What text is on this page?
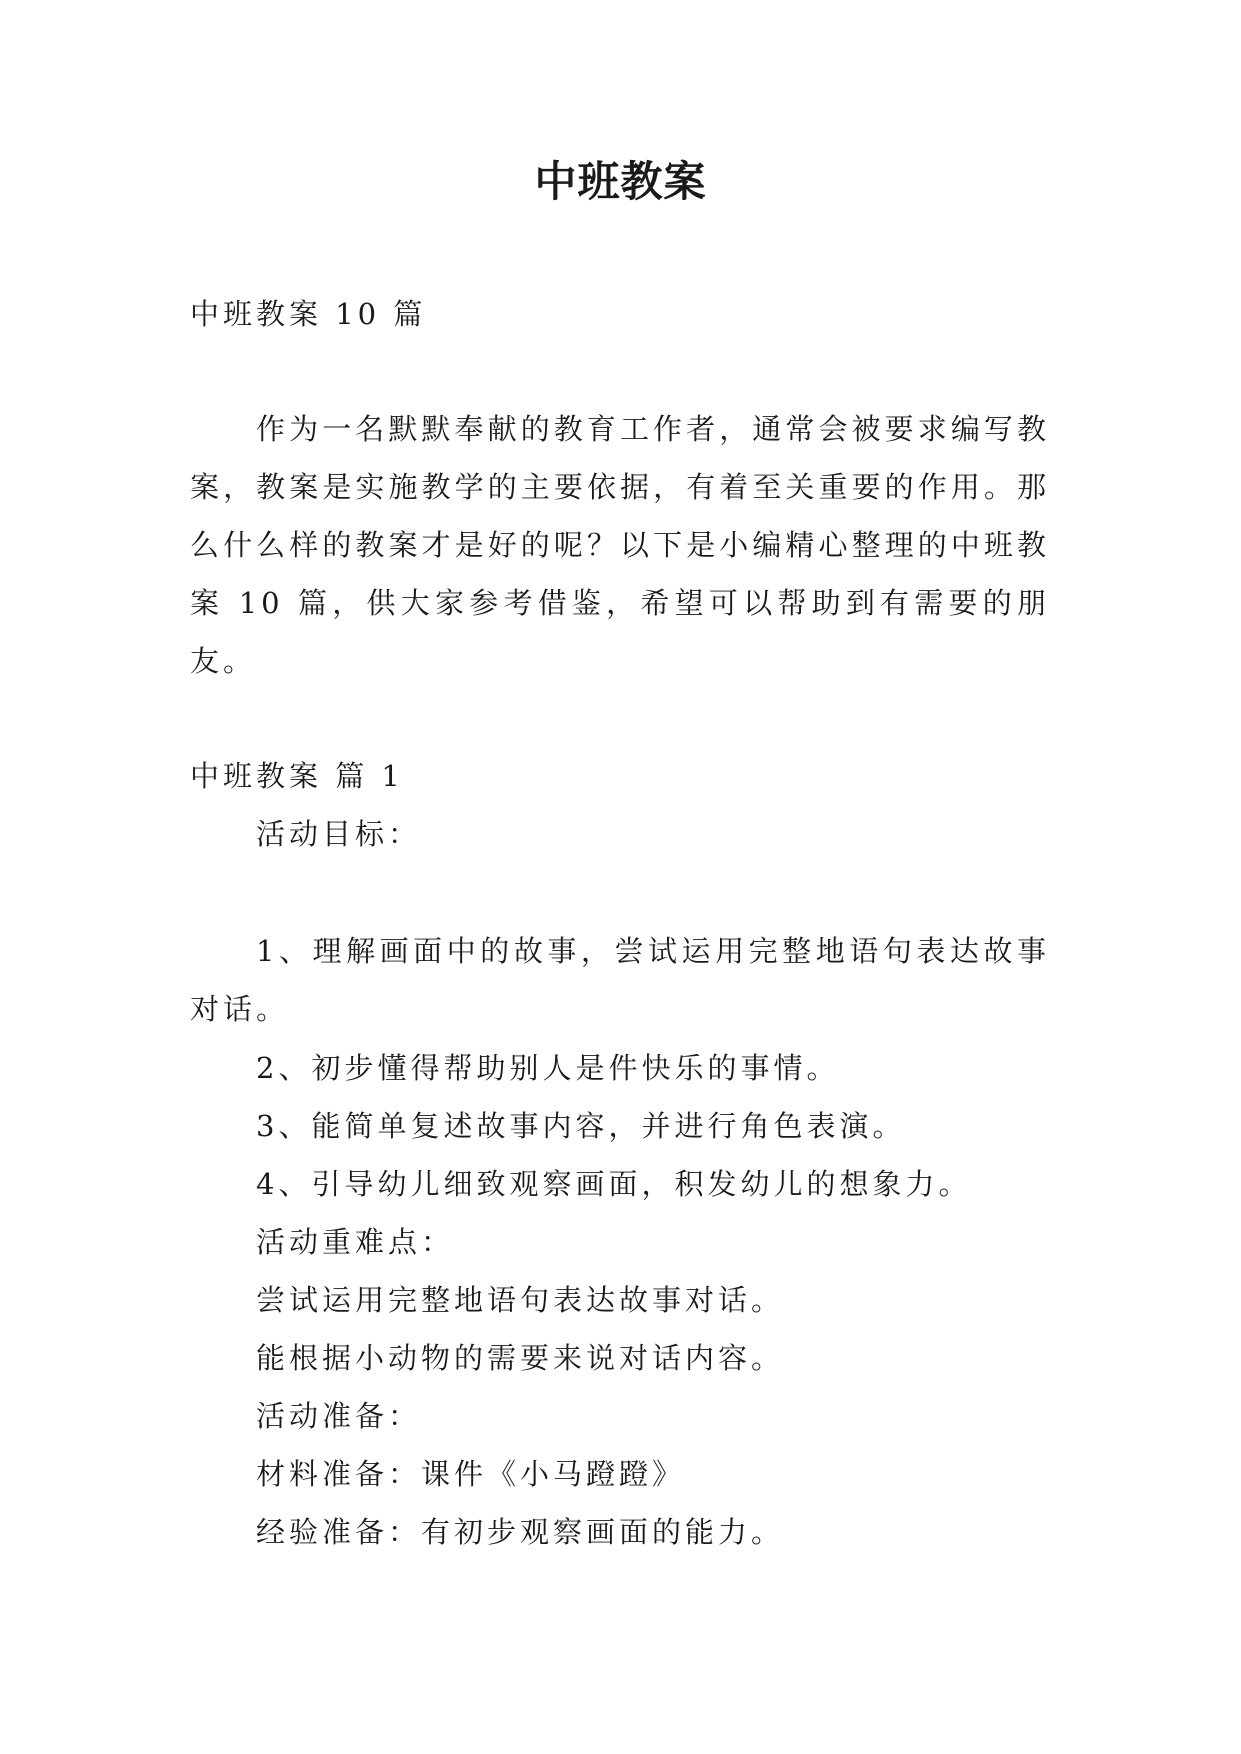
中班教案
中班教案 10 篇
作为一名默默奉献的教育工作者，通常会被要求编写教案，教案是实施教学的主要依据，有着至关重要的作用。那么什么样的教案才是好的呢？以下是小编精心整理的中班教案 10 篇，供大家参考借鉴，希望可以帮助到有需要的朋友。
中班教案 篇 1
活动目标：
1、理解画面中的故事，尝试运用完整地语句表达故事对话。
2、初步懂得帮助别人是件快乐的事情。
3、能简单复述故事内容，并进行角色表演。
4、引导幼儿细致观察画面，积发幼儿的想象力。
活动重难点：
尝试运用完整地语句表达故事对话。
能根据小动物的需要来说对话内容。
活动准备：
材料准备：课件《小马蹬蹬》
经验准备：有初步观察画面的能力。
